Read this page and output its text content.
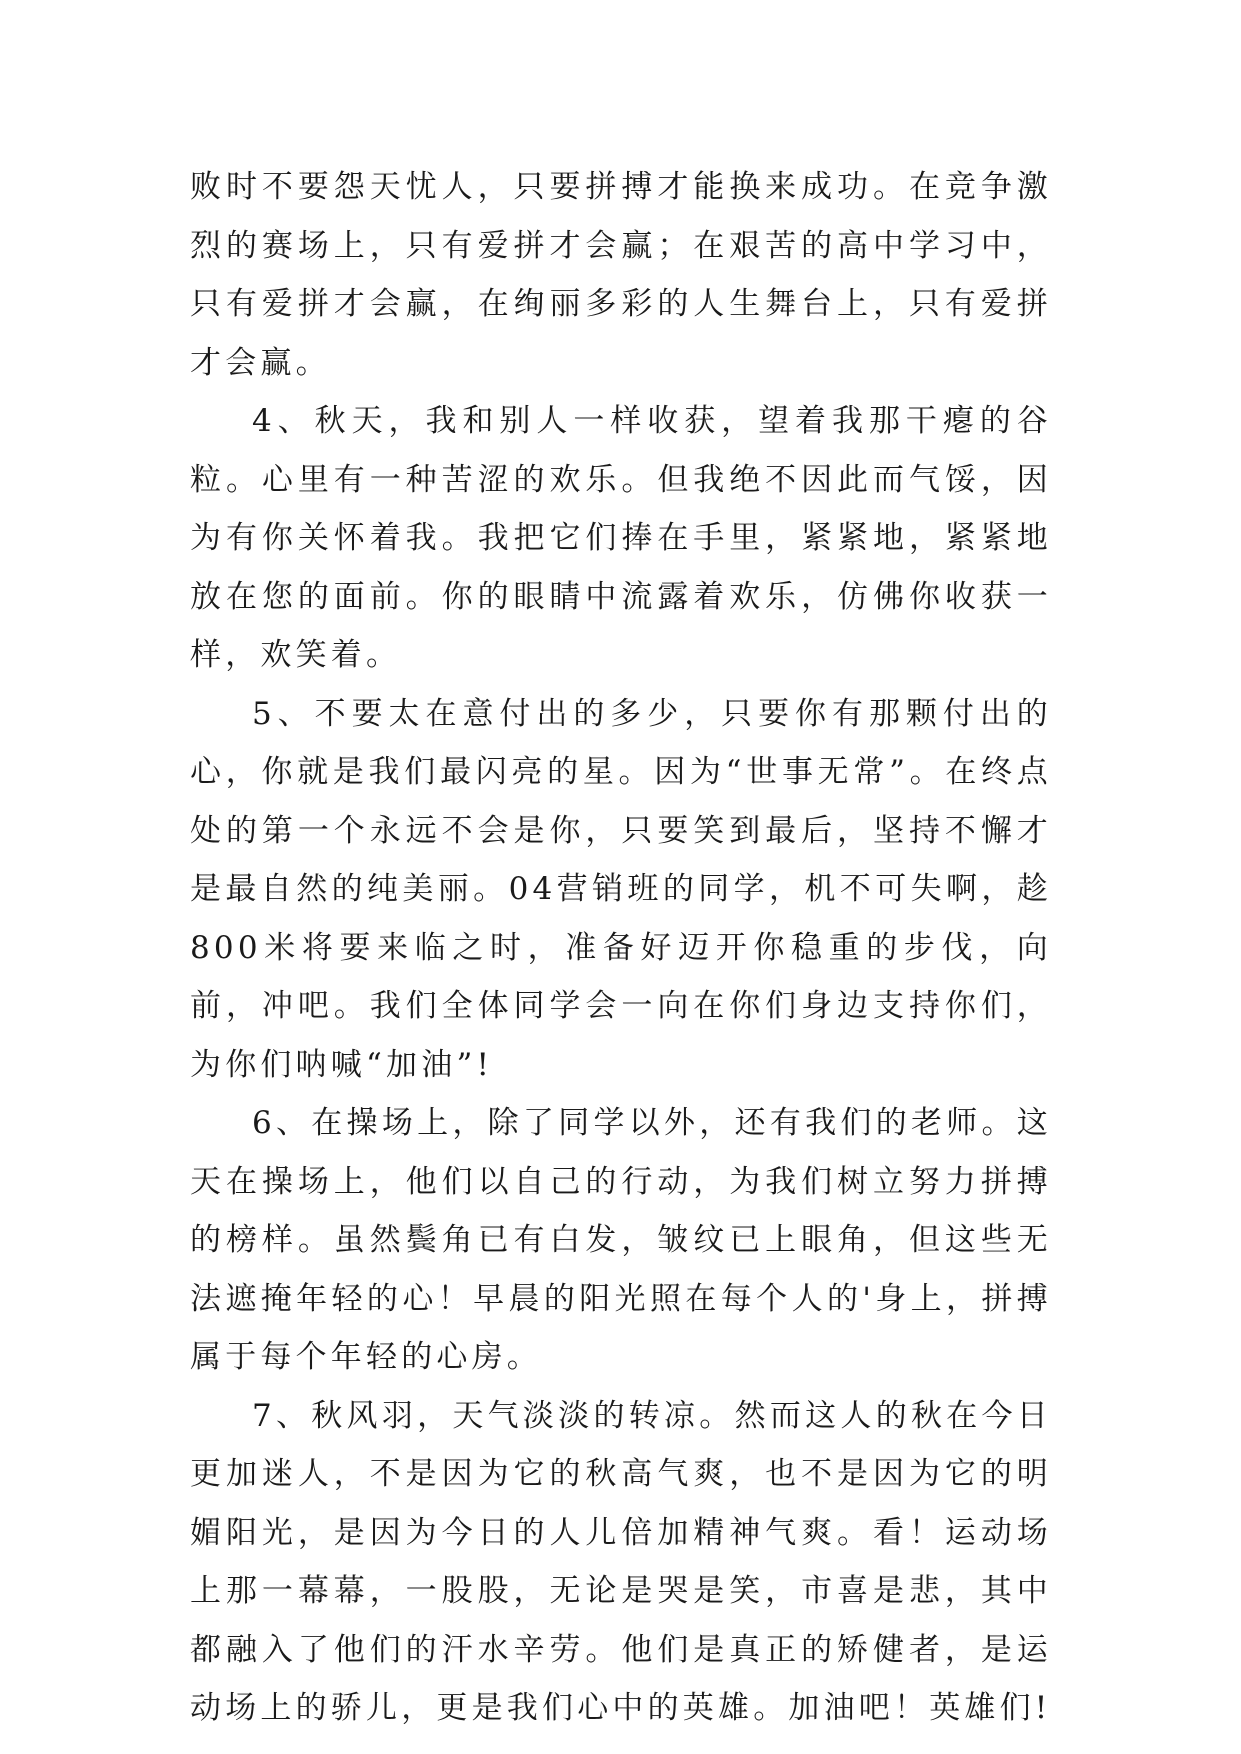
败时不要怨天忧人，只要拼搏才能换来成功。在竞争激烈的赛场上，只有爱拼才会赢；在艰苦的高中学习中，只有爱拼才会赢，在绚丽多彩的人生舞台上，只有爱拼才会赢。

4、秋天，我和别人一样收获，望着我那干瘪的谷粒。心里有一种苦涩的欢乐。但我绝不因此而气馁，因为有你关怀着我。我把它们捧在手里，紧紧地，紧紧地放在您的面前。你的眼睛中流露着欢乐，仿佛你收获一样，欢笑着。

5、不要太在意付出的多少，只要你有那颗付出的心，你就是我们最闪亮的星。因为“世事无常”。在终点处的第一个永远不会是你，只要笑到最后，坚持不懈才是最自然的纯美丽。04营销班的同学，机不可失啊，趁800米将要来临之时，准备好迈开你稳重的步伐，向前，冲吧。我们全体同学会一向在你们身边支持你们，为你们呐喊“加油”!

6、在操场上，除了同学以外，还有我们的老师。这天在操场上，他们以自己的行动，为我们树立努力拼搏的榜样。虽然鬓角已有白发，皱纹已上眼角，但这些无法遮掩年轻的心！早晨的阳光照在每个人的'身上，拼搏属于每个年轻的心房。

7、秋风羽，天气淡淡的转凉。然而这人的秋在今日更加迷人，不是因为它的秋高气爽，也不是因为它的明媚阳光，是因为今日的人儿倍加精神气爽。看！运动场上那一幕幕，一股股，无论是哭是笑，市喜是悲，其中都融入了他们的汗水辛劳。他们是真正的矫健者，是运动场上的骄儿，更是我们心中的英雄。加油吧！英雄们!
